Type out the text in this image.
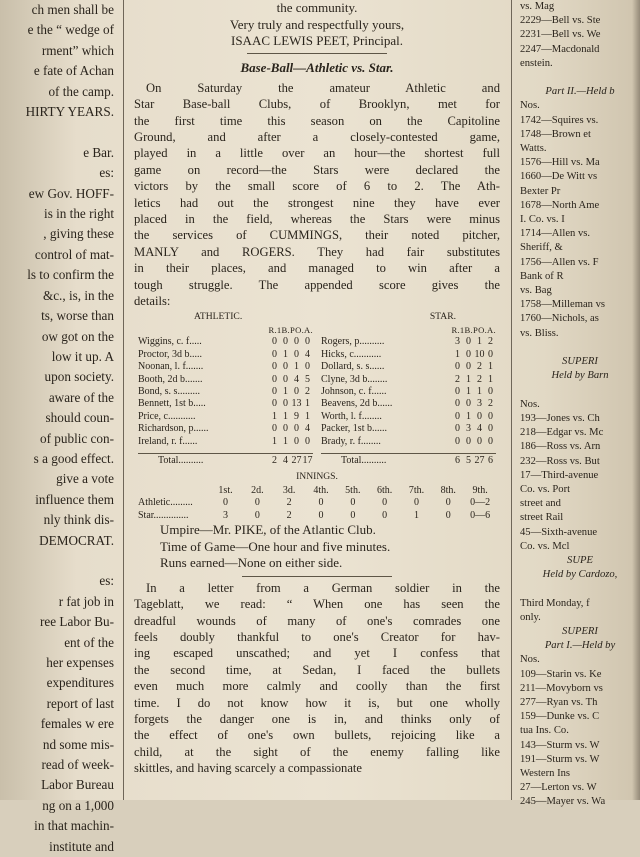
ch men shall be
e the “ wedge of
rment” which
e fate of Achan
of the camp.
HIRTY YEARS.

e Bar.
es:
ew Gov. HOFF-
is in the right
, giving these
control of mat-
ls to confirm the
&c., is, in the
ts, worse than
ow got on the
low it up. A
upon society.
aware of the
should coun-
of public con-
s a good effect.
give a vote
influence them
nly think dis-
DEMOCRAT.

es:
r fat job in
ree Labor Bu-
ent of the
her expenses
expenditures
report of last
females w ere
nd some mis-
read of week-
Labor Bureau
ng on a 1,000
in that machin-
institute and
the community.
Very truly and respectfully yours,
ISAAC LEWIS PEET, Principal.
Base-Ball—Athletic vs. Star.
On Saturday the amateur Athletic and
Star Base-ball Clubs, of Brooklyn, met for
the first time this season on the Capitoline
Ground, and after a closely-contested game,
played in a little over an hour—the shortest full
game on record—the Stars were declared the
victors by the small score of 6 to 2. The Ath-
letics had out the strongest nine they have ever
placed in the field, whereas the Stars were minus
the services of CUMMINGS, their noted pitcher,
MANLY and ROGERS. They had fair substitutes
in their places, and managed to win after a
tough struggle. The appended score gives the
details:
ATHLETIC.	STAR.
R.1B.PO.A.
Wiggins, c. f.....	0 0 0 0
Proctor, 3d b.....	0 1 0 4
Noonan, l. f.......	0 0 1 0
Booth, 2d b.......	0 0 4 5
Bond, s. s.........	0 1 0 2
Bennett, 1st b.....	0 0 13 1
Price, c...........	1 1 9 1
Richardson, p......	0 0 0 4
Ireland, r. f......	1 1 0 0
Total..........	2 4 27 17
R.1B.PO.A.
Rogers, p..........	3 0 1 2
Hicks, c...........	1 0 10 0
Dollard, s. s......	0 0 2 1
Clyne, 3d b........	2 1 2 1
Johnson, c. f......	0 1 1 0
Beavens, 2d b......	0 0 3 2
Worth, l. f........	0 1 0 0
Packer, 1st b......	0 3 4 0
Brady, r. f........	0 0 0 0
Total..........	6 5 27 6
INNINGS.
1st.	2d.	3d.	4th.	5th.	6th.	7th.	8th.	9th.
Athletic.........	0	0	2	0	0	0	0	0	0—2
Star..............	3	0	2	0	0	0	1	0	0—6
Umpire—Mr. PIKE, of the Atlantic Club.
Time of Game—One hour and five minutes.
Runs earned—None on either side.
In a letter from a German soldier in the
Tageblatt, we read: “ When one has seen the
dreadful wounds of many of one's comrades one
feels doubly thankful to one's Creator for hav-
ing escaped unscathed; and yet I confess that
the second time, at Sedan, I faced the bullets
even much more calmly and coolly than the first
time. I do not know how it is, but one wholly
forgets the danger one is in, and thinks only of
the effect of one's own bullets, rejoicing like a
child, at the sight of the enemy falling like
skittles, and having scarcely a compassionate
vs. Mag
2229—Bell vs. Ste
2231—Bell vs. We
2247—Macdonald
enstein.

Part II.—Held b
Nos.
1742—Squires vs.
1748—Brown et
Watts.
1576—Hill vs. Ma
1660—De Witt vs
Bexter Pr
1678—North Ame
I. Co. vs. I
1714—Allen vs.
Sheriff, &
1756—Allen vs. F
Bank of R
vs. Bag
1758—Milleman vs
1760—Nichols, as
vs. Bliss.

SUPERI
Held by Barn

Nos.
193—Jones vs. Ch
218—Edgar vs. Mc
186—Ross vs. Arn
232—Ross vs. But
17—Third-avenue
Co. vs. Port
street and
street Rail
45—Sixth-avenue
Co. vs. Mcl
SUPE
Held by Cardozo,

Third Monday, f
only.
SUPERI
Part I.—Held by
Nos.
109—Starin vs. Ke
211—Movyborn vs
277—Ryan vs. Th
159—Dunke vs. C
tua Ins. Co.
143—Sturm vs. W
191—Sturm vs. W
Western Ins
27—Lerton vs. W
245—Mayer vs. Wa
